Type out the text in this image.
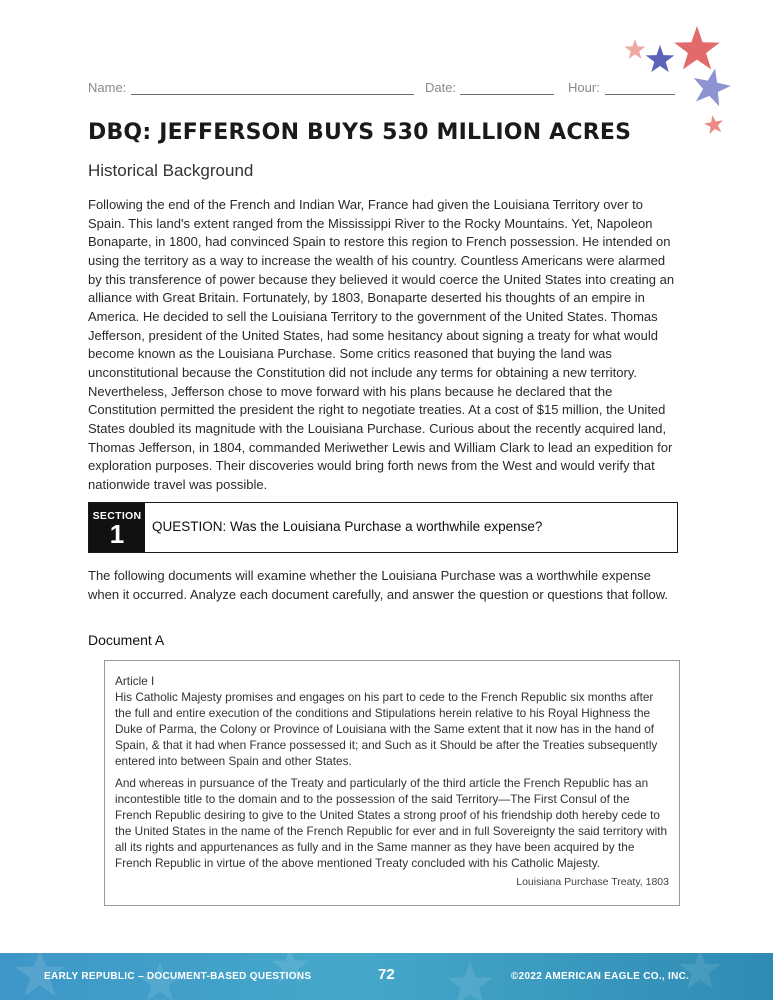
Name:	Date:	Hour:
DBQ: JEFFERSON BUYS 530 MILLION ACRES
Historical Background

Following the end of the French and Indian War, France had given the Louisiana Territory over to Spain. This land's extent ranged from the Mississippi River to the Rocky Mountains. Yet, Napoleon Bonaparte, in 1800, had convinced Spain to restore this region to French possession. He intended on using the territory as a way to increase the wealth of his country. Countless Americans were alarmed by this transference of power because they believed it would coerce the United States into creating an alliance with Great Britain. Fortunately, by 1803, Bonaparte deserted his thoughts of an empire in America. He decided to sell the Louisiana Territory to the government of the United States. Thomas Jefferson, president of the United States, had some hesitancy about signing a treaty for what would become known as the Louisiana Purchase. Some critics reasoned that buying the land was unconstitutional because the Constitution did not include any terms for obtaining a new territory. Nevertheless, Jefferson chose to move forward with his plans because he declared that the Constitution permitted the president the right to negotiate treaties. At a cost of $15 million, the United States doubled its magnitude with the Louisiana Purchase. Curious about the recently acquired land, Thomas Jefferson, in 1804, commanded Meriwether Lewis and William Clark to lead an expedition for exploration purposes. Their discoveries would bring forth news from the West and would verify that nationwide travel was possible.

SECTION
1	QUESTION: Was the Louisiana Purchase a worthwhile expense?

The following documents will examine whether the Louisiana Purchase was a worthwhile expense when it occurred. Analyze each document carefully, and answer the question or questions that follow.

Document A

Article I

His Catholic Majesty promises and engages on his part to cede to the French Republic six months after the full and entire execution of the conditions and Stipulations herein relative to his Royal Highness the Duke of Parma, the Colony or Province of Louisiana with the Same extent that it now has in the hand of Spain, & that it had when France possessed it; and Such as it Should be after the Treaties subsequently entered into between Spain and other States.

And whereas in pursuance of the Treaty and particularly of the third article the French Republic has an incontestible title to the domain and to the possession of the said Territory—The First Consul of the French Republic desiring to give to the United States a strong proof of his friendship doth hereby cede to the United States in the name of the French Republic for ever and in full Sovereignty the said territory with all its rights and appurtenances as fully and in the Same manner as they have been acquired by the French Republic in virtue of the above mentioned Treaty concluded with his Catholic Majesty.

Louisiana Purchase Treaty, 1803
EARLY REPUBLIC – DOCUMENT-BASED QUESTIONS	72	©2022 AMERICAN EAGLE CO., INC.
